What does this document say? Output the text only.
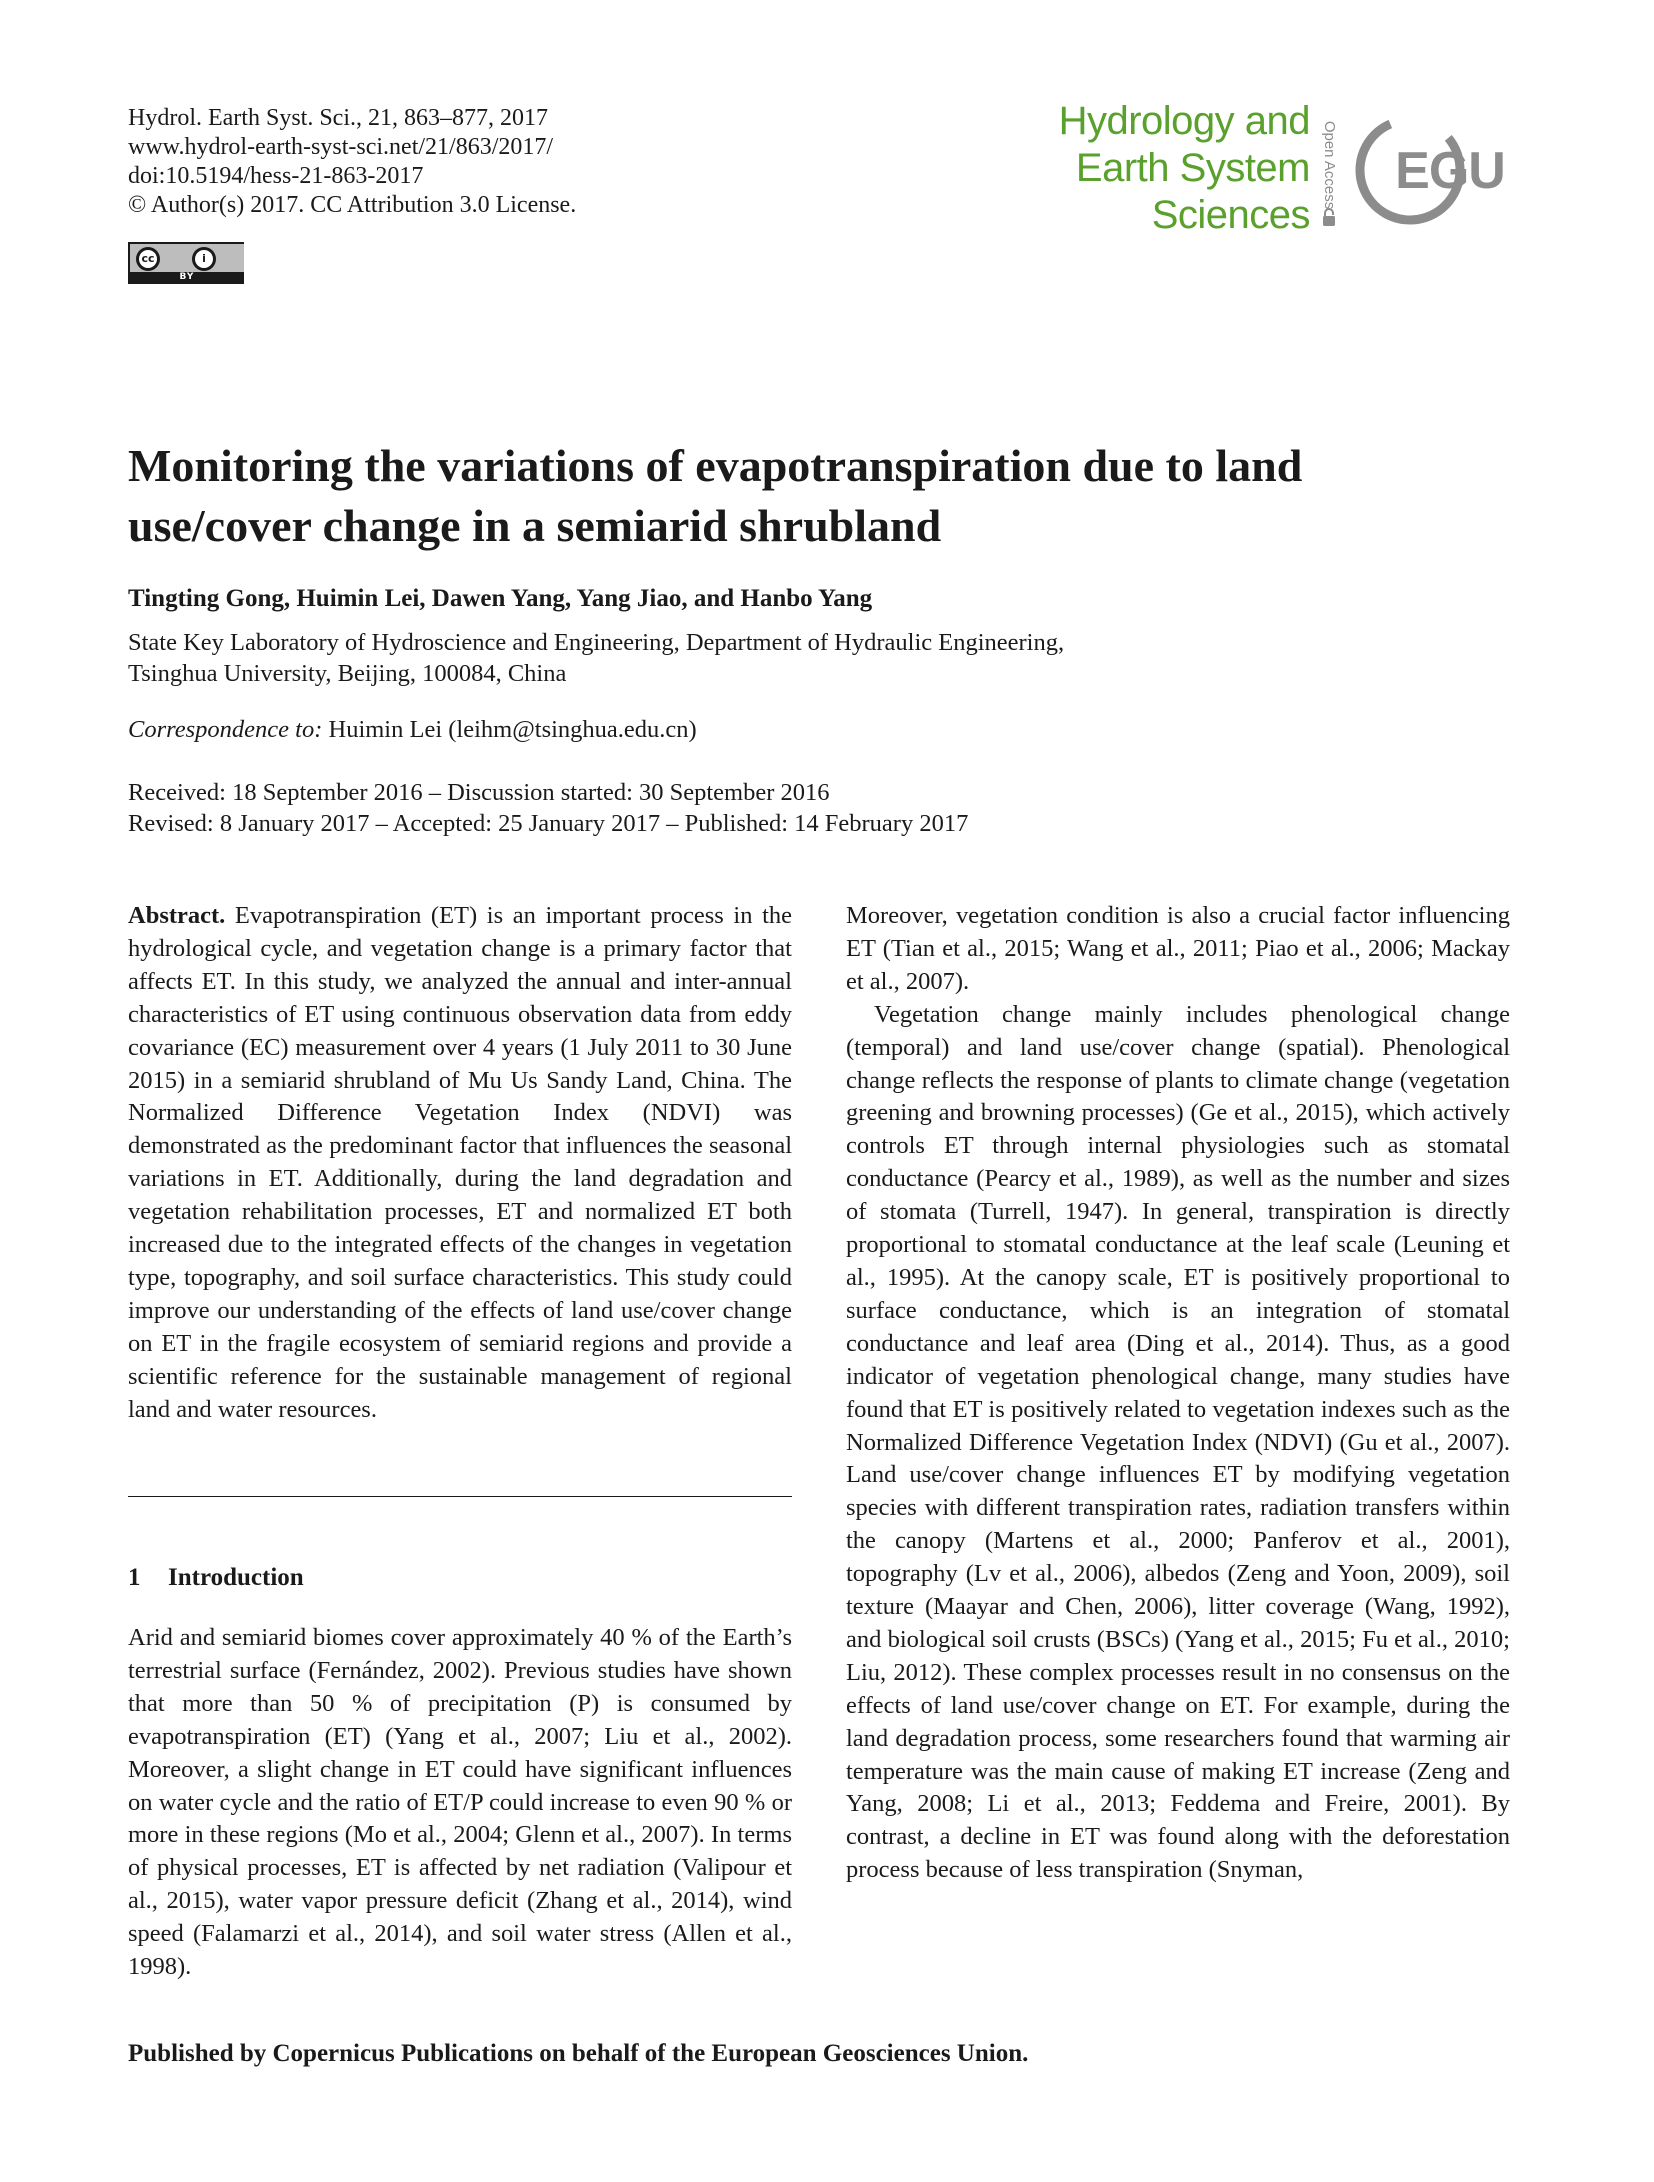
Hydrol. Earth Syst. Sci., 21, 863–877, 2017
www.hydrol-earth-syst-sci.net/21/863/2017/
doi:10.5194/hess-21-863-2017
© Author(s) 2017. CC Attribution 3.0 License.
cc	i
BY
Hydrology and
Earth System
Sciences
Open Access EGU
Monitoring the variations of evapotranspiration due to land use/cover change in a semiarid shrubland
Tingting Gong, Huimin Lei, Dawen Yang, Yang Jiao, and Hanbo Yang
State Key Laboratory of Hydroscience and Engineering, Department of Hydraulic Engineering,
Tsinghua University, Beijing, 100084, China
Correspondence to: Huimin Lei (leihm@tsinghua.edu.cn)
Received: 18 September 2016 – Discussion started: 30 September 2016
Revised: 8 January 2017 – Accepted: 25 January 2017 – Published: 14 February 2017

Abstract. Evapotranspiration (ET) is an important process in the hydrological cycle, and vegetation change is a primary factor that affects ET. In this study, we analyzed the annual and inter-annual characteristics of ET using continuous observation data from eddy covariance (EC) measurement over 4 years (1 July 2011 to 30 June 2015) in a semiarid shrubland of Mu Us Sandy Land, China. The Normalized Difference Vegetation Index (NDVI) was demonstrated as the predominant factor that influences the seasonal variations in ET. Additionally, during the land degradation and vegetation rehabilitation processes, ET and normalized ET both increased due to the integrated effects of the changes in vegetation type, topography, and soil surface characteristics. This study could improve our understanding of the effects of land use/cover change on ET in the fragile ecosystem of semiarid regions and provide a scientific reference for the sustainable management of regional land and water resources.

1 Introduction

Arid and semiarid biomes cover approximately 40 % of the Earth’s terrestrial surface (Fernández, 2002). Previous studies have shown that more than 50 % of precipitation (P) is consumed by evapotranspiration (ET) (Yang et al., 2007; Liu et al., 2002). Moreover, a slight change in ET could have significant influences on water cycle and the ratio of ET/P could increase to even 90 % or more in these regions (Mo et al., 2004; Glenn et al., 2007). In terms of physical processes, ET is affected by net radiation (Valipour et al., 2015), water vapor pressure deficit (Zhang et al., 2014), wind speed (Falamarzi et al., 2014), and soil water stress (Allen et al., 1998).

Moreover, vegetation condition is also a crucial factor influencing ET (Tian et al., 2015; Wang et al., 2011; Piao et al., 2006; Mackay et al., 2007).

Vegetation change mainly includes phenological change (temporal) and land use/cover change (spatial). Phenological change reflects the response of plants to climate change (vegetation greening and browning processes) (Ge et al., 2015), which actively controls ET through internal physiologies such as stomatal conductance (Pearcy et al., 1989), as well as the number and sizes of stomata (Turrell, 1947). In general, transpiration is directly proportional to stomatal conductance at the leaf scale (Leuning et al., 1995). At the canopy scale, ET is positively proportional to surface conductance, which is an integration of stomatal conductance and leaf area (Ding et al., 2014). Thus, as a good indicator of vegetation phenological change, many studies have found that ET is positively related to vegetation indexes such as the Normalized Difference Vegetation Index (NDVI) (Gu et al., 2007). Land use/cover change influences ET by modifying vegetation species with different transpiration rates, radiation transfers within the canopy (Martens et al., 2000; Panferov et al., 2001), topography (Lv et al., 2006), albedos (Zeng and Yoon, 2009), soil texture (Maayar and Chen, 2006), litter coverage (Wang, 1992), and biological soil crusts (BSCs) (Yang et al., 2015; Fu et al., 2010; Liu, 2012). These complex processes result in no consensus on the effects of land use/cover change on ET. For example, during the land degradation process, some researchers found that warming air temperature was the main cause of making ET increase (Zeng and Yang, 2008; Li et al., 2013; Feddema and Freire, 2001). By contrast, a decline in ET was found along with the deforestation process because of less transpiration (Snyman,

Published by Copernicus Publications on behalf of the European Geosciences Union.
